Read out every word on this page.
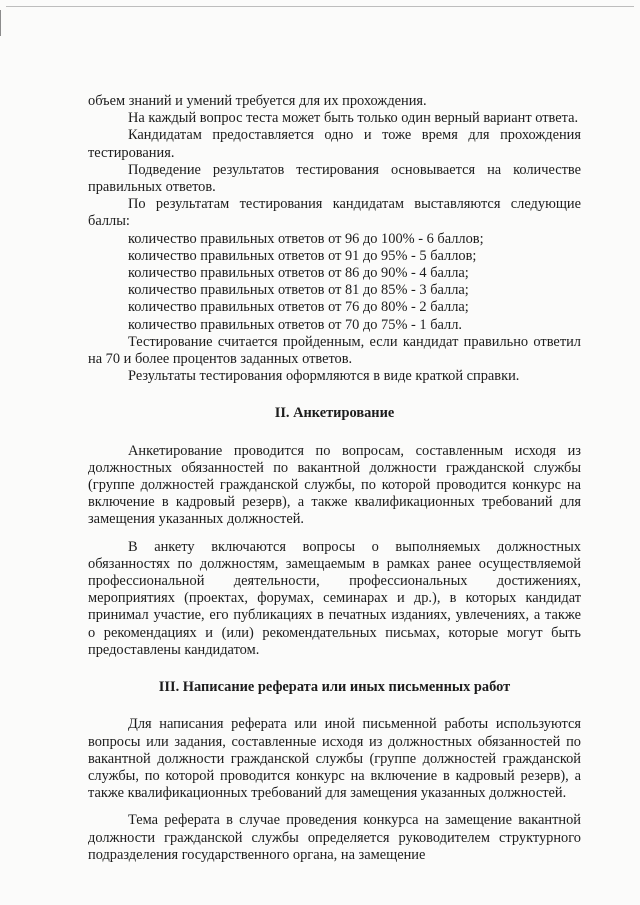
объем знаний и умений требуется для их прохождения.

На каждый вопрос теста может быть только один верный вариант ответа.

Кандидатам предоставляется одно и тоже время для прохождения тестирования.

Подведение результатов тестирования основывается на количестве правильных ответов.

По результатам тестирования кандидатам выставляются следующие баллы:

количество правильных ответов от 96 до 100% - 6 баллов;

количество правильных ответов от 91 до 95% - 5 баллов;

количество правильных ответов от 86 до 90% - 4 балла;

количество правильных ответов от 81 до 85% - 3 балла;

количество правильных ответов от 76 до 80% - 2 балла;

количество правильных ответов от 70 до 75% - 1 балл.

Тестирование считается пройденным, если кандидат правильно ответил на 70 и более процентов заданных ответов.

Результаты тестирования оформляются в виде краткой справки.

II. Анкетирование

Анкетирование проводится по вопросам, составленным исходя из должностных обязанностей по вакантной должности гражданской службы (группе должностей гражданской службы, по которой проводится конкурс на включение в кадровый резерв), а также квалификационных требований для замещения указанных должностей.

В анкету включаются вопросы о выполняемых должностных обязанностях по должностям, замещаемым в рамках ранее осуществляемой профессиональной деятельности, профессиональных достижениях, мероприятиях (проектах, форумах, семинарах и др.), в которых кандидат принимал участие, его публикациях в печатных изданиях, увлечениях, а также о рекомендациях и (или) рекомендательных письмах, которые могут быть предоставлены кандидатом.

III. Написание реферата или иных письменных работ

Для написания реферата или иной письменной работы используются вопросы или задания, составленные исходя из должностных обязанностей по вакантной должности гражданской службы (группе должностей гражданской службы, по которой проводится конкурс на включение в кадровый резерв), а также квалификационных требований для замещения указанных должностей.

Тема реферата в случае проведения конкурса на замещение вакантной должности гражданской службы определяется руководителем структурного подразделения государственного органа, на замещение
